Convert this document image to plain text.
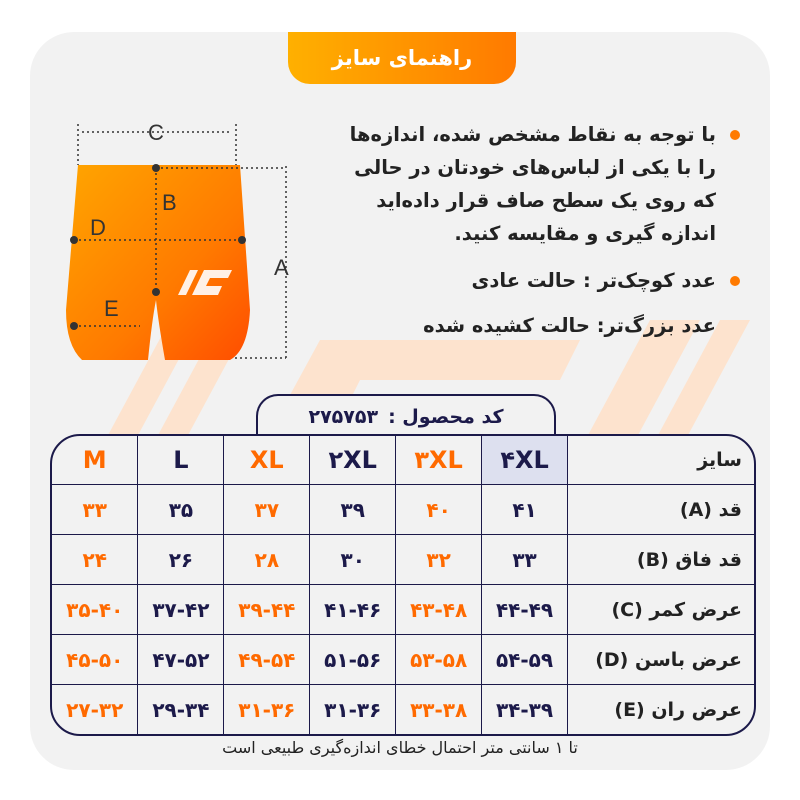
راهنمای سایز
C
B
D
A
E

با توجه به نقاط مشخص شده، اندازه‌ها
را با یکی از لباس‌های خودتان در حالی
که روی یک سطح صاف قرار داده‌اید
اندازه گیری و مقایسه کنید.

عدد کوچک‌تر : حالت عادی

عدد بزرگ‌تر: حالت کشیده شده

کد محصول :
۲۷۵۷۵۳
سایز	۴XL	۳XL	۲XL	XL	L	M
قد (A)	۴۱	۴۰	۳۹	۳۷	۳۵	۳۳
قد فاق (B)	۳۳	۳۲	۳۰	۲۸	۲۶	۲۴
عرض کمر (C)	۴۴-۴۹	۴۳-۴۸	۴۱-۴۶	۳۹-۴۴	۳۷-۴۲	۳۵-۴۰
عرض باسن (D)	۵۴-۵۹	۵۳-۵۸	۵۱-۵۶	۴۹-۵۴	۴۷-۵۲	۴۵-۵۰
عرض ران (E)	۳۴-۳۹	۳۳-۳۸	۳۱-۳۶	۳۱-۳۶	۲۹-۳۴	۲۷-۳۲
تا ۱ سانتی متر احتمال خطای اندازه‌گیری طبیعی است
